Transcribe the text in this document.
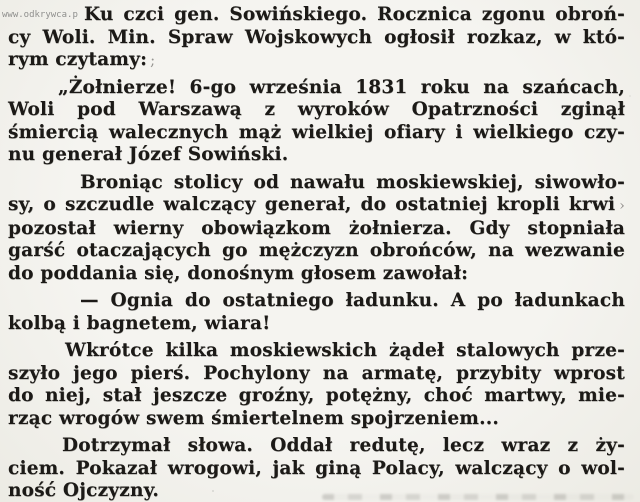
www.odkrywca.p Ku czci gen. Sowińskiego. Rocznica zgonu obroń-
cy Woli. Min. Spraw Wojskowych ogłosił rozkaz, w któ-
rym czytamy: ;
„Żołnierze! 6-go września 1831 roku na szańcach,
Woli pod Warszawą z wyroków Opatrzności zginął
śmiercią walecznych mąż wielkiej ofiary i wielkiego czy-
nu generał Józef Sowiński.
Broniąc stolicy od nawału moskiewskiej, siwowło-
sy, o szczudle walczący generał, do ostatniej kropli krwi ›
pozostał wierny obowiązkom żołnierza. Gdy stopniała
garść otaczających go mężczyzn obrońców, na wezwanie
do poddania się, donośnym głosem zawołał:
— Ognia do ostatniego ładunku. A po ładunkach
kolbą i bagnetem, wiara!
Wkrótce kilka moskiewskich żądeł stalowych prze-
szyło jego pierś. Pochylony na armatę, przybity wprost
do niej, stał jeszcze groźny, potężny, choć martwy, mie-
rząc wrogów swem śmiertelnem spojrzeniem...
Dotrzymał słowa. Oddał redutę, lecz wraz z ży-
ciem. Pokazał wrogowi, jak giną Polacy, walczący o wol-
ność Ojczyzny.
